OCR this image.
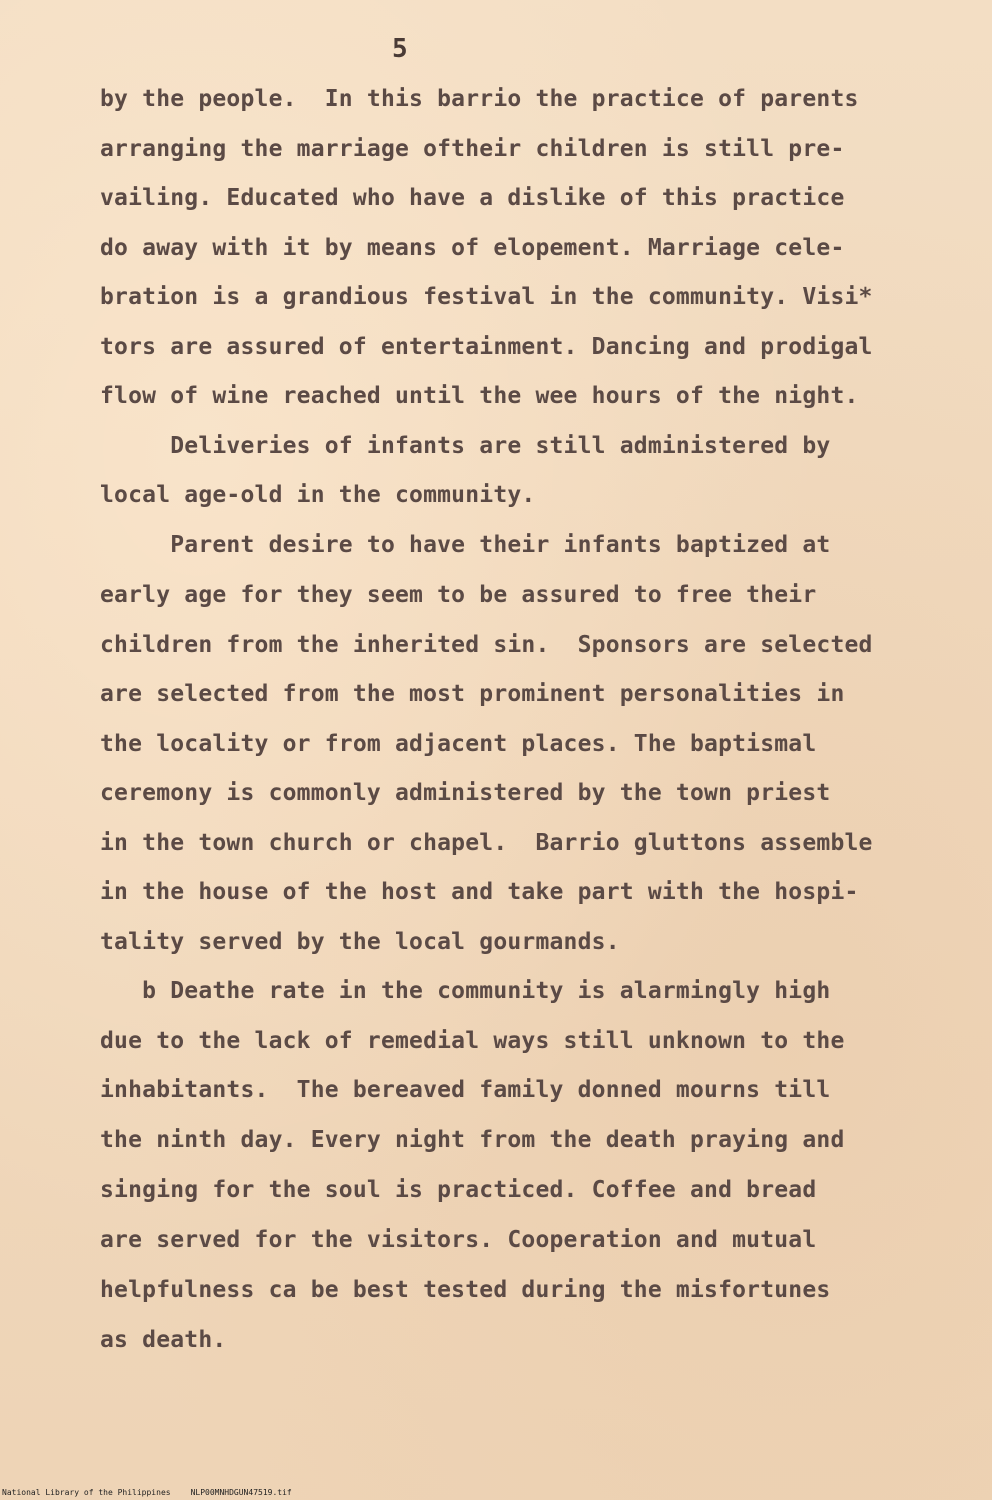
5
by the people.  In this barrio the practice of parents
arranging the marriage oftheir children is still pre-
vailing. Educated who have a dislike of this practice
do away with it by means of elopement. Marriage cele-
bration is a grandious festival in the community. Visi*
tors are assured of entertainment. Dancing and prodigal
flow of wine reached until the wee hours of the night.
Deliveries of infants are still administered by
local age-old in the community.
Parent desire to have their infants baptized at
early age for they seem to be assured to free their
children from the inherited sin.  Sponsors are selected
are selected from the most prominent personalities in
the locality or from adjacent places. The baptismal
ceremony is commonly administered by the town priest
in the town church or chapel.  Barrio gluttons assemble
in the house of the host and take part with the hospi-
tality served by the local gourmands.
b Deathe rate in the community is alarmingly high
due to the lack of remedial ways still unknown to the
inhabitants.  The bereaved family donned mourns till
the ninth day. Every night from the death praying and
singing for the soul is practiced. Coffee and bread
are served for the visitors. Cooperation and mutual
helpfulness ca be best tested during the misfortunes
as death.
National Library of the Philippines	NLP00MNHDGUN47519.tif
